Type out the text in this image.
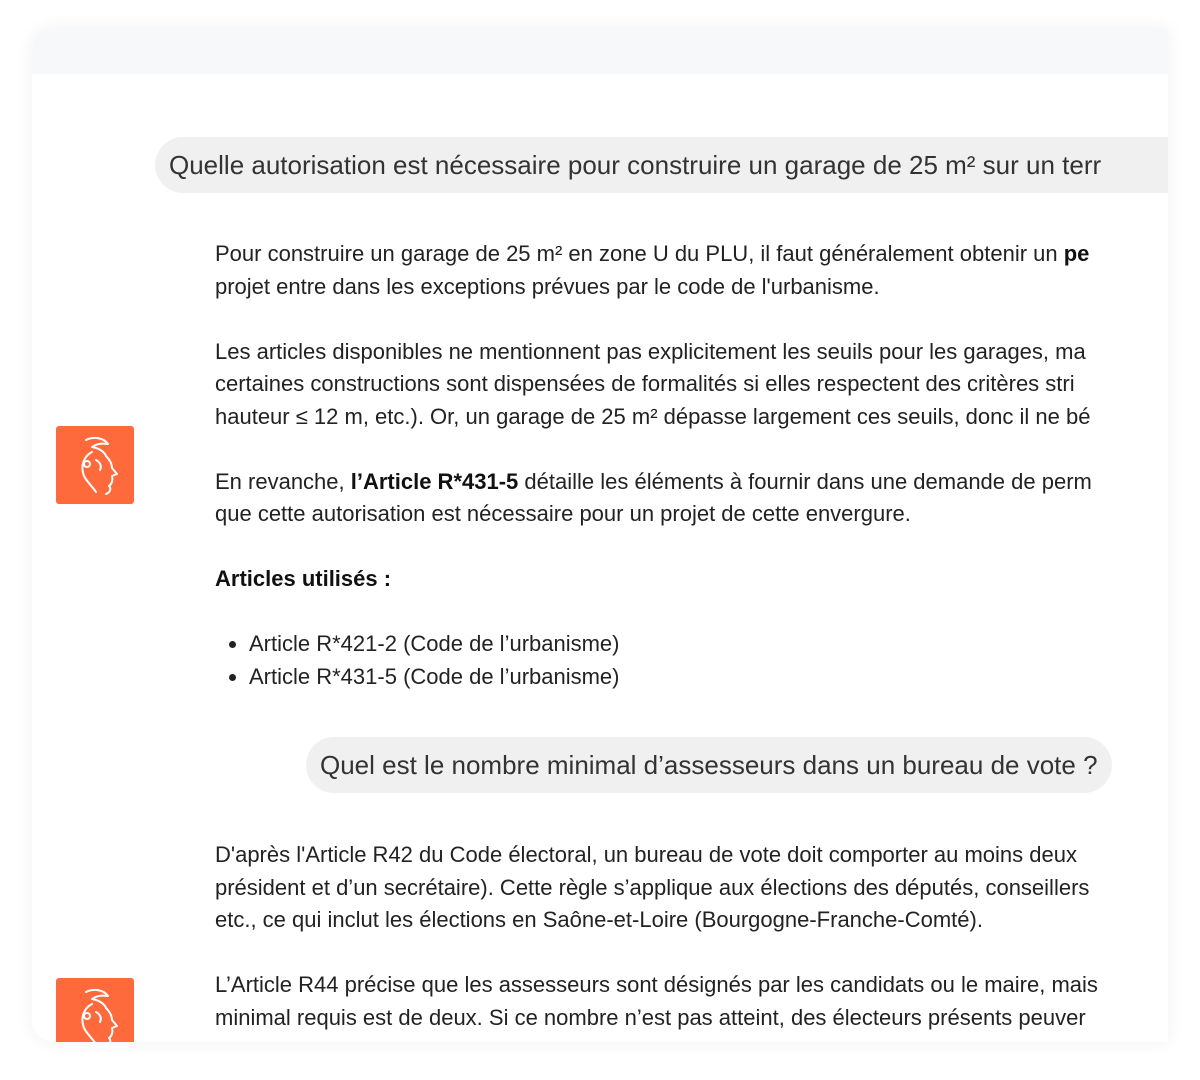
Quelle autorisation est nécessaire pour construire un garage de 25 m² sur un terr

Pour construire un garage de 25 m² en zone U du PLU, il faut généralement obtenir un pe
projet entre dans les exceptions prévues par le code de l'urbanisme.

Les articles disponibles ne mentionnent pas explicitement les seuils pour les garages, ma
certaines constructions sont dispensées de formalités si elles respectent des critères stri
hauteur ≤ 12 m, etc.). Or, un garage de 25 m² dépasse largement ces seuils, donc il ne bé

En revanche, l’Article R*431-5 détaille les éléments à fournir dans une demande de perm
que cette autorisation est nécessaire pour un projet de cette envergure.

Articles utilisés :

• Article R*421-2 (Code de l’urbanisme)
• Article R*431-5 (Code de l’urbanisme)
Quel est le nombre minimal d’assesseurs dans un bureau de vote ?

D'après l'Article R42 du Code électoral, un bureau de vote doit comporter au moins deux
président et d’un secrétaire). Cette règle s’applique aux élections des députés, conseillers
etc., ce qui inclut les élections en Saône-et-Loire (Bourgogne-Franche-Comté).

L’Article R44 précise que les assesseurs sont désignés par les candidats ou le maire, mais
minimal requis est de deux. Si ce nombre n’est pas atteint, des électeurs présents peuver
